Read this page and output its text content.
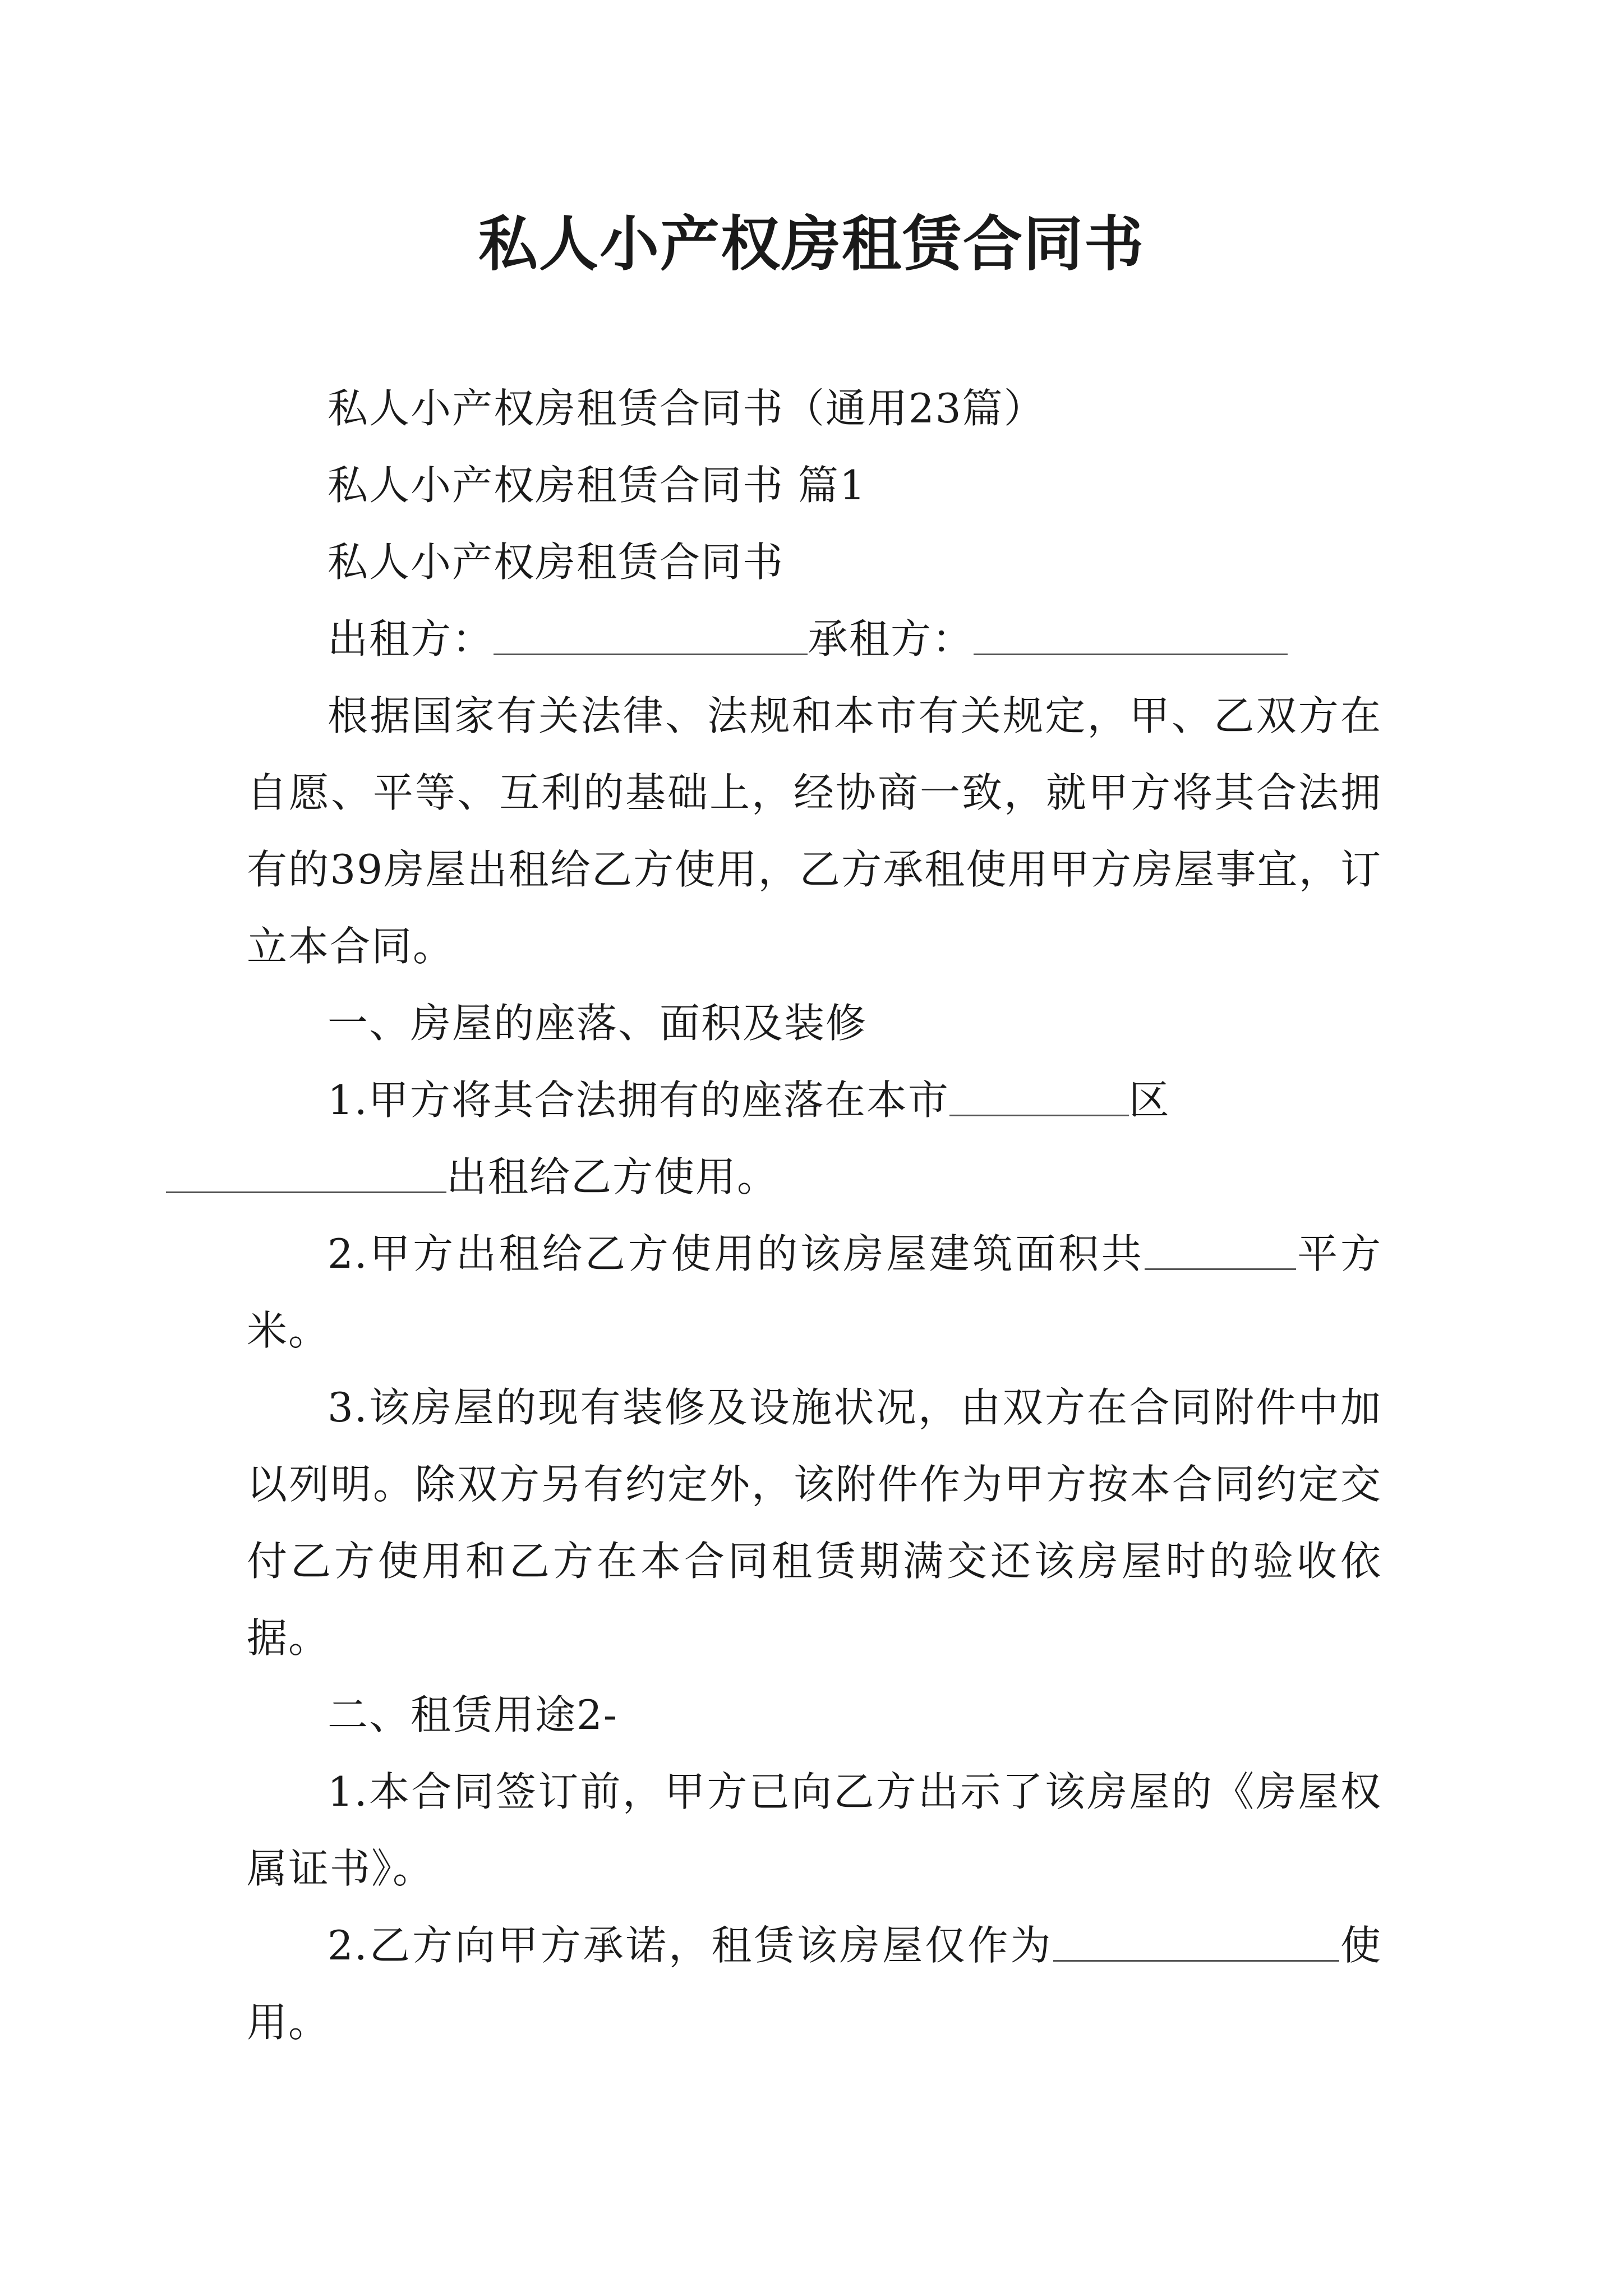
私人小产权房租赁合同书

私人小产权房租赁合同书（通用23篇）

私人小产权房租赁合同书 篇1

私人小产权房租赁合同书

出租方：	承租方：

根据国家有关法律、法规和本市有关规定，甲、乙双方在自愿、平等、互利的基础上，经协商一致，就甲方将其合法拥有的39房屋出租给乙方使用，乙方承租使用甲方房屋事宜，订立本合同。

一、房屋的座落、面积及装修

1.甲方将其合法拥有的座落在本市	区
出租给乙方使用。

2.甲方出租给乙方使用的该房屋建筑面积共	平方米。

3.该房屋的现有装修及设施状况，由双方在合同附件中加以列明。除双方另有约定外，该附件作为甲方按本合同约定交付乙方使用和乙方在本合同租赁期满交还该房屋时的验收依据。

二、租赁用途2-

1.本合同签订前，甲方已向乙方出示了该房屋的《房屋权属证书》。

2.乙方向甲方承诺，租赁该房屋仅作为	使用。
